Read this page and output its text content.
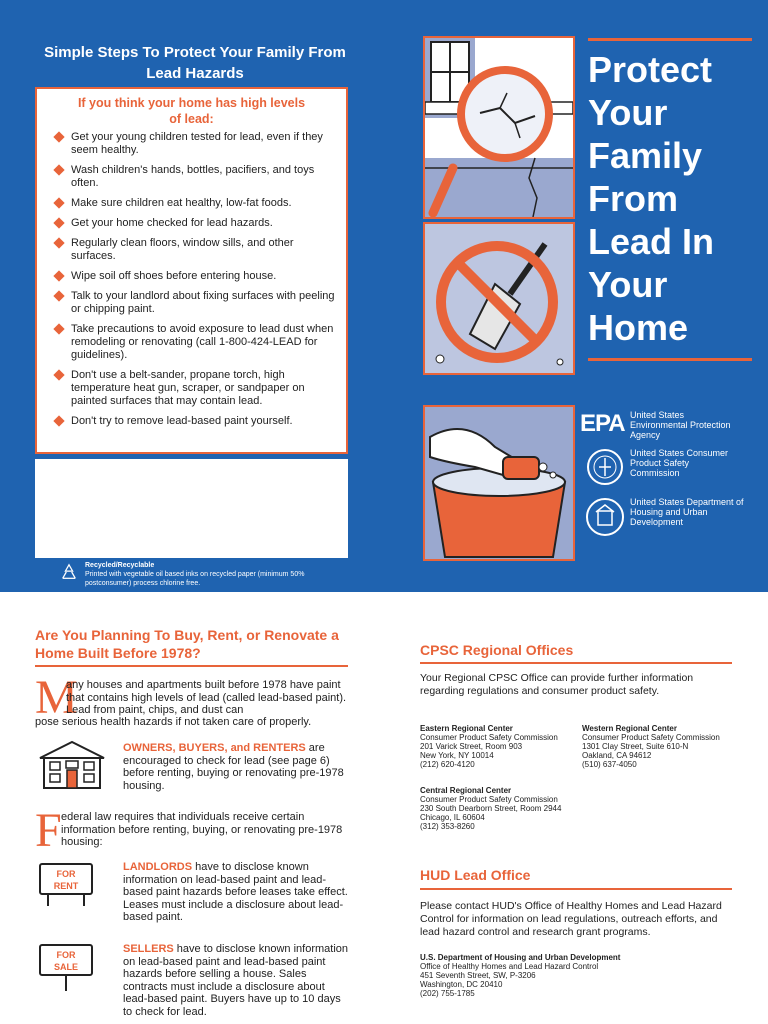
Simple Steps To Protect Your Family From Lead Hazards
If you think your home has high levels of lead:
Get your young children tested for lead, even if they seem healthy.
Wash children's hands, bottles, pacifiers, and toys often.
Make sure children eat healthy, low-fat foods.
Get your home checked for lead hazards.
Regularly clean floors, window sills, and other surfaces.
Wipe soil off shoes before entering house.
Talk to your landlord about fixing surfaces with peeling or chipping paint.
Take precautions to avoid exposure to lead dust when remodeling or renovating (call 1-800-424-LEAD for guidelines).
Don't use a belt-sander, propane torch, high temperature heat gun, scraper, or sandpaper on painted surfaces that may contain lead.
Don't try to remove lead-based paint yourself.
Recycled/Recyclable
Printed with vegetable oil based inks on recycled paper (minimum 50% postconsumer) process chlorine free.
Protect
Your
Family
From
Lead In
Your
Home
EPA United States Environmental Protection Agency
United States Consumer Product Safety Commission
United States Department of Housing and Urban Development
Are You Planning To Buy, Rent, or Renovate a Home Built Before 1978?
M
any houses and apartments built before 1978 have paint that contains high levels of lead (called lead-based paint). Lead from paint, chips, and dust can
pose serious health hazards if not taken care of properly.
OWNERS, BUYERS, and RENTERS are encouraged to check for lead (see page 6) before renting, buying or renovating pre-1978 housing.
F ederal law requires that individuals receive certain information before renting, buying, or renovating pre-1978 housing:
FOR
RENT
LANDLORDS have to disclose known information on lead-based paint and lead-based paint hazards before leases take effect. Leases must include a disclosure about lead-based paint.
FOR
SALE
SELLERS have to disclose known information on lead-based paint and lead-based paint hazards before selling a house. Sales contracts must include a disclosure about lead-based paint. Buyers have up to 10 days to check for lead.
CPSC Regional Offices
Your Regional CPSC Office can provide further information regarding regulations and consumer product safety.
Eastern Regional Center
Consumer Product Safety Commission
201 Varick Street, Room 903
New York, NY 10014
(212) 620-4120
Western Regional Center
Consumer Product Safety Commission
1301 Clay Street, Suite 610-N
Oakland, CA 94612
(510) 637-4050
Central Regional Center
Consumer Product Safety Commission
230 South Dearborn Street, Room 2944
Chicago, IL 60604
(312) 353-8260
HUD Lead Office
Please contact HUD's Office of Healthy Homes and Lead Hazard Control for information on lead regulations, outreach efforts, and lead hazard control and research grant programs.
U.S. Department of Housing and Urban Development
Office of Healthy Homes and Lead Hazard Control
451 Seventh Street, SW, P-3206
Washington, DC 20410
(202) 755-1785
